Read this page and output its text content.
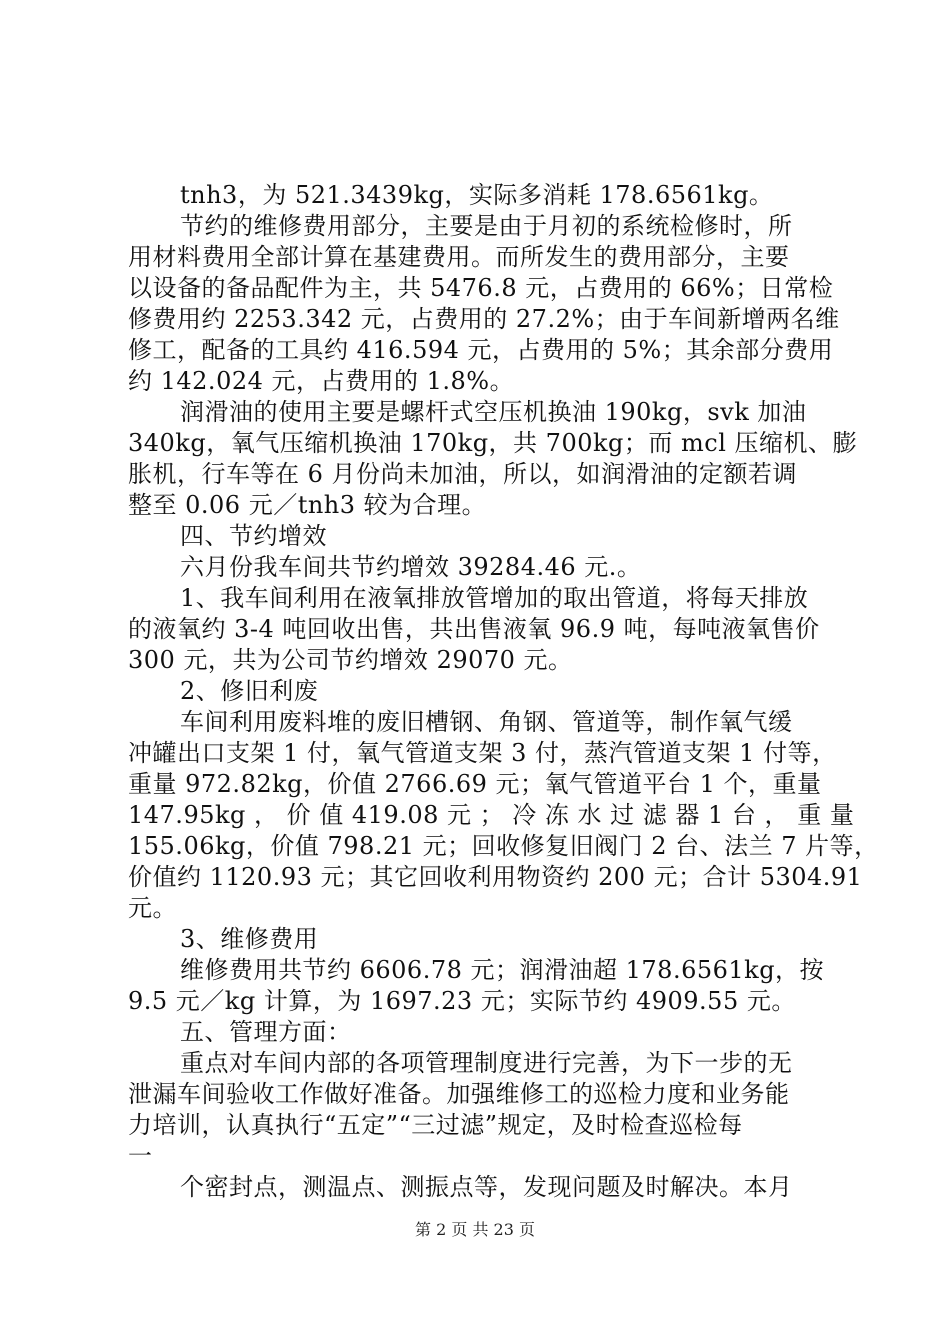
tnh3，为 521.3439kg，实际多消耗 178.6561kg。
节约的维修费用部分，主要是由于月初的系统检修时，所
用材料费用全部计算在基建费用。而所发生的费用部分，主要
以设备的备品配件为主，共 5476.8 元，占费用的 66%；日常检
修费用约 2253.342 元，占费用的 27.2%；由于车间新增两名维
修工，配备的工具约 416.594 元，占费用的 5%；其余部分费用
约 142.024 元，占费用的 1.8%。
润滑油的使用主要是螺杆式空压机换油 190kg，svk 加油
340kg，氧气压缩机换油 170kg，共 700kg；而 mcl 压缩机、膨
胀机，行车等在 6 月份尚未加油，所以，如润滑油的定额若调
整至 0.06 元／tnh3 较为合理。
四、节约增效
六月份我车间共节约增效 39284.46 元.。
1、我车间利用在液氧排放管增加的取出管道，将每天排放
的液氧约 3-4 吨回收出售，共出售液氧 96.9 吨，每吨液氧售价
300 元，共为公司节约增效 29070 元。
2、修旧利废
车间利用废料堆的废旧槽钢、角钢、管道等，制作氧气缓
冲罐出口支架 1 付，氧气管道支架 3 付，蒸汽管道支架 1 付等，
重量 972.82kg，价值 2766.69 元；氧气管道平台 1 个，重量
147.95kg ， 价 值 419.08 元 ； 冷 冻 水 过 滤 器 1 台 ， 重 量
155.06kg，价值 798.21 元；回收修复旧阀门 2 台、法兰 7 片等，
价值约 1120.93 元；其它回收利用物资约 200 元；合计 5304.91
元。
3、维修费用
维修费用共节约 6606.78 元；润滑油超 178.6561kg，按
9.5 元／kg 计算，为 1697.23 元；实际节约 4909.55 元。
五、管理方面：
重点对车间内部的各项管理制度进行完善，为下一步的无
泄漏车间验收工作做好准备。加强维修工的巡检力度和业务能
力培训，认真执行“五定”“三过滤”规定，及时检查巡检每
一
个密封点，测温点、测振点等，发现问题及时解决。本月
第 2 页 共 23 页
